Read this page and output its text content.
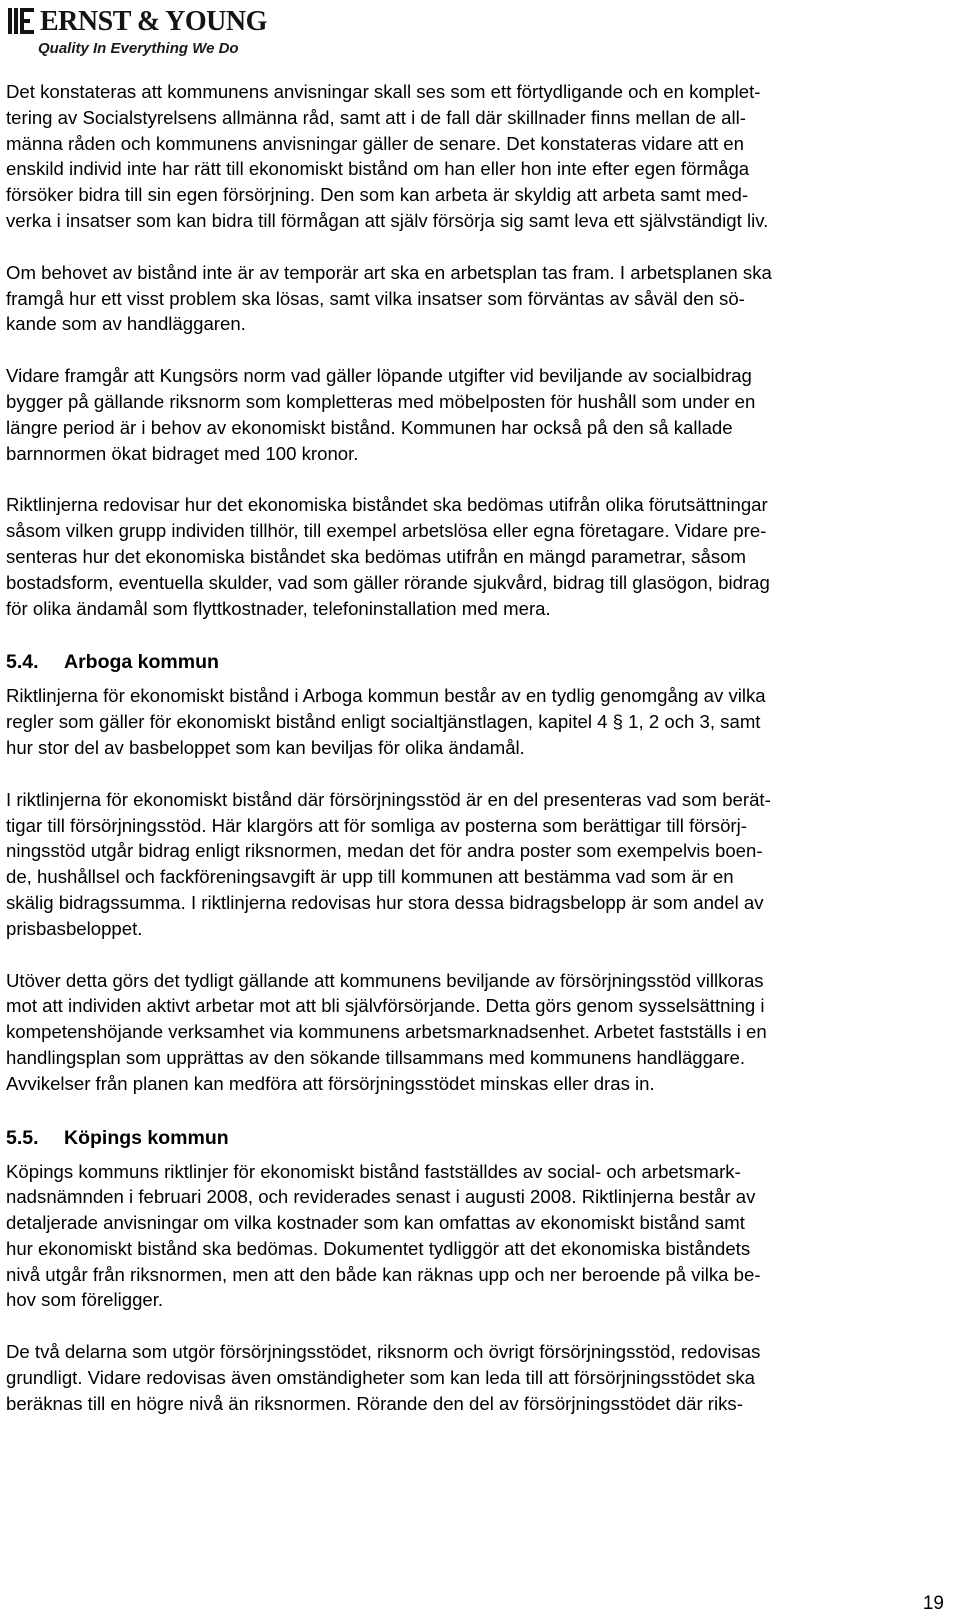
ERNST & YOUNG
Quality In Everything We Do

Det konstateras att kommunens anvisningar skall ses som ett förtydligande och en komplet-
tering av Socialstyrelsens allmänna råd, samt att i de fall där skillnader finns mellan de all-
männa råden och kommunens anvisningar gäller de senare. Det konstateras vidare att en
enskild individ inte har rätt till ekonomiskt bistånd om han eller hon inte efter egen förmåga
försöker bidra till sin egen försörjning. Den som kan arbeta är skyldig att arbeta samt med-
verka i insatser som kan bidra till förmågan att själv försörja sig samt leva ett självständigt liv.

Om behovet av bistånd inte är av temporär art ska en arbetsplan tas fram. I arbetsplanen ska
framgå hur ett visst problem ska lösas, samt vilka insatser som förväntas av såväl den sö-
kande som av handläggaren.

Vidare framgår att Kungsörs norm vad gäller löpande utgifter vid beviljande av socialbidrag
bygger på gällande riksnorm som kompletteras med möbelposten för hushåll som under en
längre period är i behov av ekonomiskt bistånd. Kommunen har också på den så kallade
barnnormen ökat bidraget med 100 kronor.

Riktlinjerna redovisar hur det ekonomiska biståndet ska bedömas utifrån olika förutsättningar
såsom vilken grupp individen tillhör, till exempel arbetslösa eller egna företagare. Vidare pre-
senteras hur det ekonomiska biståndet ska bedömas utifrån en mängd parametrar, såsom
bostadsform, eventuella skulder, vad som gäller rörande sjukvård, bidrag till glasögon, bidrag
för olika ändamål som flyttkostnader, telefoninstallation med mera.

5.4. Arboga kommun

Riktlinjerna för ekonomiskt bistånd i Arboga kommun består av en tydlig genomgång av vilka
regler som gäller för ekonomiskt bistånd enligt socialtjänstlagen, kapitel 4 § 1, 2 och 3, samt
hur stor del av basbeloppet som kan beviljas för olika ändamål.

I riktlinjerna för ekonomiskt bistånd där försörjningsstöd är en del presenteras vad som berät-
tigar till försörjningsstöd. Här klargörs att för somliga av posterna som berättigar till försörj-
ningsstöd utgår bidrag enligt riksnormen, medan det för andra poster som exempelvis boen-
de, hushållsel och fackföreningsavgift är upp till kommunen att bestämma vad som är en
skälig bidragssumma. I riktlinjerna redovisas hur stora dessa bidragsbelopp är som andel av
prisbasbeloppet.

Utöver detta görs det tydligt gällande att kommunens beviljande av försörjningsstöd villkoras
mot att individen aktivt arbetar mot att bli självförsörjande. Detta görs genom sysselsättning i
kompetenshöjande verksamhet via kommunens arbetsmarknadsenhet. Arbetet fastställs i en
handlingsplan som upprättas av den sökande tillsammans med kommunens handläggare.
Avvikelser från planen kan medföra att försörjningsstödet minskas eller dras in.

5.5. Köpings kommun

Köpings kommuns riktlinjer för ekonomiskt bistånd fastställdes av social- och arbetsmark-
nadsnämnden i februari 2008, och reviderades senast i augusti 2008. Riktlinjerna består av
detaljerade anvisningar om vilka kostnader som kan omfattas av ekonomiskt bistånd samt
hur ekonomiskt bistånd ska bedömas. Dokumentet tydliggör att det ekonomiska biståndets
nivå utgår från riksnormen, men att den både kan räknas upp och ner beroende på vilka be-
hov som föreligger.

De två delarna som utgör försörjningsstödet, riksnorm och övrigt försörjningsstöd, redovisas
grundligt. Vidare redovisas även omständigheter som kan leda till att försörjningsstödet ska
beräknas till en högre nivå än riksnormen. Rörande den del av försörjningsstödet där riks-

19
